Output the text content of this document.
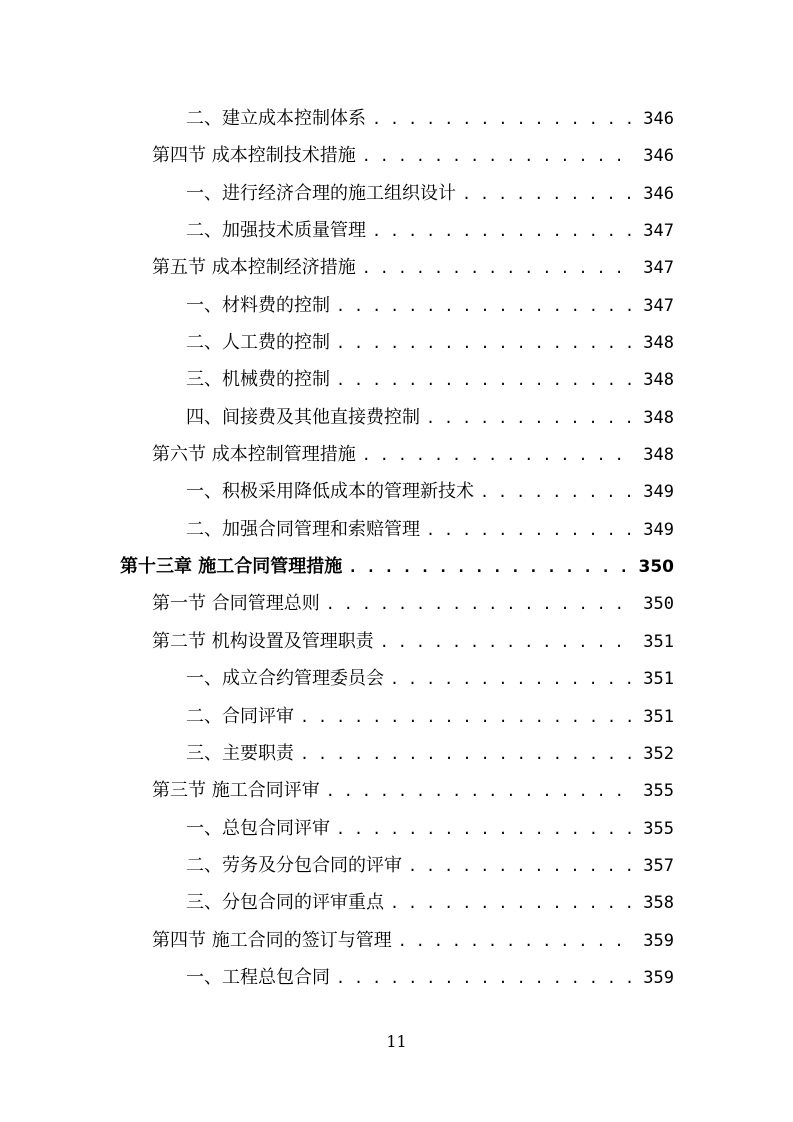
二、建立成本控制体系 . . .	346
第四节 成本控制技术措施 . . .	346
一、进行经济合理的施工组织设计 . . .	346
二、加强技术质量管理 . . .	347
第五节 成本控制经济措施 . . .	347
一、材料费的控制 . . .	347
二、人工费的控制 . . .	348
三、机械费的控制 . . .	348
四、间接费及其他直接费控制 . . .	348
第六节 成本控制管理措施 . . .	348
一、积极采用降低成本的管理新技术 . . .	349
二、加强合同管理和索赔管理 . . .	349
第十三章 施工合同管理措施 . . .	350
第一节 合同管理总则 . . .	350
第二节 机构设置及管理职责 . . .	351
一、成立合约管理委员会 . . .	351
二、合同评审 . . .	351
三、主要职责 . . .	352
第三节 施工合同评审 . . .	355
一、总包合同评审 . . .	355
二、劳务及分包合同的评审 . . .	357
三、分包合同的评审重点 . . .	358
第四节 施工合同的签订与管理 . . .	359
一、工程总包合同 . . .	359
11
